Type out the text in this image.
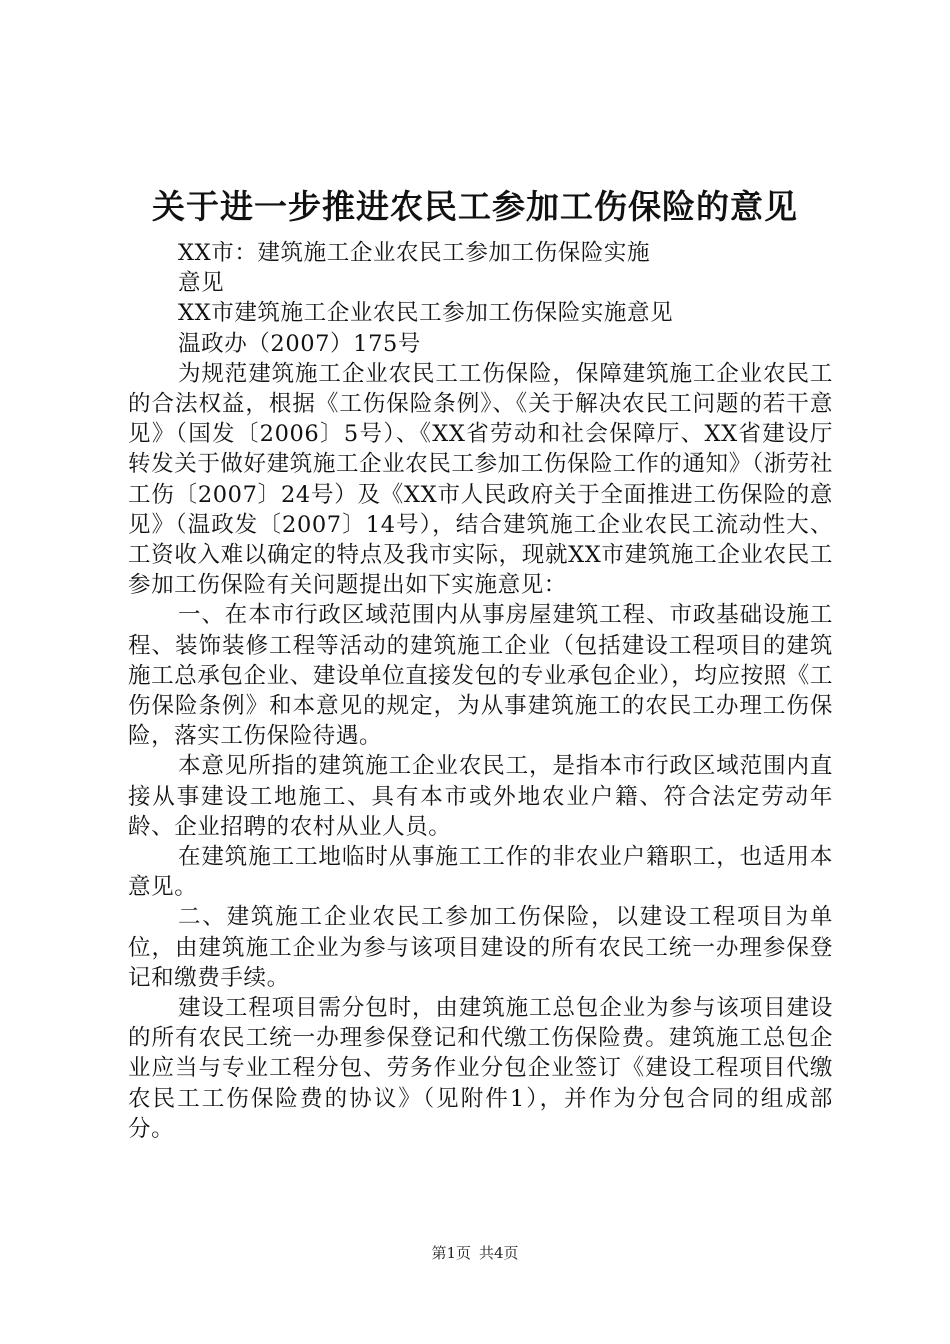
关于进一步推进农民工参加工伤保险的意见

XX市：建筑施工企业农民工参加工伤保险实施

意见

XX市建筑施工企业农民工参加工伤保险实施意见

温政办（2007）175号

为规范建筑施工企业农民工工伤保险，保障建筑施工企业农民工的合法权益，根据《工伤保险条例》、《关于解决农民工问题的若干意见》（国发〔2006〕5号）、《XX省劳动和社会保障厅、XX省建设厅转发关于做好建筑施工企业农民工参加工伤保险工作的通知》（浙劳社工伤〔2007〕24号）及《XX市人民政府关于全面推进工伤保险的意见》（温政发〔2007〕14号），结合建筑施工企业农民工流动性大、工资收入难以确定的特点及我市实际，现就XX市建筑施工企业农民工参加工伤保险有关问题提出如下实施意见：

一、在本市行政区域范围内从事房屋建筑工程、市政基础设施工程、装饰装修工程等活动的建筑施工企业（包括建设工程项目的建筑施工总承包企业、建设单位直接发包的专业承包企业），均应按照《工伤保险条例》和本意见的规定，为从事建筑施工的农民工办理工伤保险，落实工伤保险待遇。

本意见所指的建筑施工企业农民工，是指本市行政区域范围内直接从事建设工地施工、具有本市或外地农业户籍、符合法定劳动年龄、企业招聘的农村从业人员。

在建筑施工工地临时从事施工工作的非农业户籍职工，也适用本意见。

二、建筑施工企业农民工参加工伤保险，以建设工程项目为单位，由建筑施工企业为参与该项目建设的所有农民工统一办理参保登记和缴费手续。

建设工程项目需分包时，由建筑施工总包企业为参与该项目建设的所有农民工统一办理参保登记和代缴工伤保险费。建筑施工总包企业应当与专业工程分包、劳务作业分包企业签订《建设工程项目代缴农民工工伤保险费的协议》（见附件1），并作为分包合同的组成部分。

第1页 共4页
